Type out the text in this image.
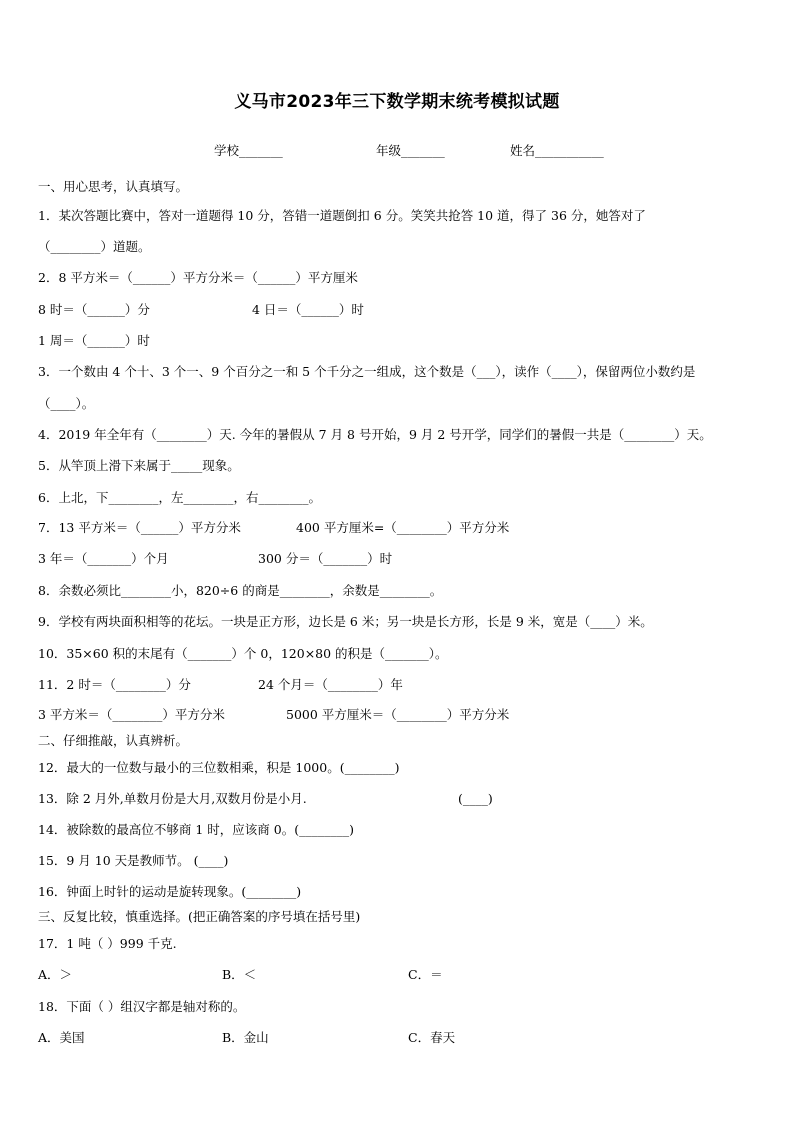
义马市2023年三下数学期末统考模拟试题
学校_______	年级_______	姓名___________
一、用心思考，认真填写。
1．某次答题比赛中，答对一道题得 10 分，答错一道题倒扣 6 分。笑笑共抢答 10 道，得了 36 分，她答对了
（________）道题。
2．8 平方米＝（______）平方分米＝（______）平方厘米
8 时＝（______）分	4 日＝（______）时
1 周＝（______）时
3．一个数由 4 个十、3 个一、9 个百分之一和 5 个千分之一组成，这个数是（___），读作（____），保留两位小数约是
（____）。
4．2019 年全年有（________）天. 今年的暑假从 7 月 8 号开始，9 月 2 号开学，同学们的暑假一共是（________）天。
5．从竿顶上滑下来属于_____现象。
6．上北，下________，左________，右________。
7．13 平方米＝（______）平方分米	400 平方厘米=（________）平方分米
3 年＝（_______）个月	300 分＝（_______）时
8．余数必须比________小，820÷6 的商是________，余数是________。
9．学校有两块面积相等的花坛。一块是正方形，边长是 6 米；另一块是长方形，长是 9 米，宽是（____）米。
10．35×60 积的末尾有（_______）个 0，120×80 的积是（_______）。
11．2 时＝（________）分	24 个月＝（________）年
3 平方米＝（________）平方分米	5000 平方厘米＝（________）平方分米
二、仔细推敲，认真辨析。
12．最大的一位数与最小的三位数相乘，积是 1000。(________)
13．除 2 月外,单数月份是大月,双数月份是小月.	(____)
14．被除数的最高位不够商 1 时，应该商 0。(________)
15．9 月 10 天是教师节。 (____)
16．钟面上时针的运动是旋转现象。(________)
三、反复比较，慎重选择。(把正确答案的序号填在括号里)
17．1 吨（ ）999 千克.
A．＞	B．＜	C．＝
18．下面（ ）组汉字都是轴对称的。
A．美国	B．金山	C．春天
